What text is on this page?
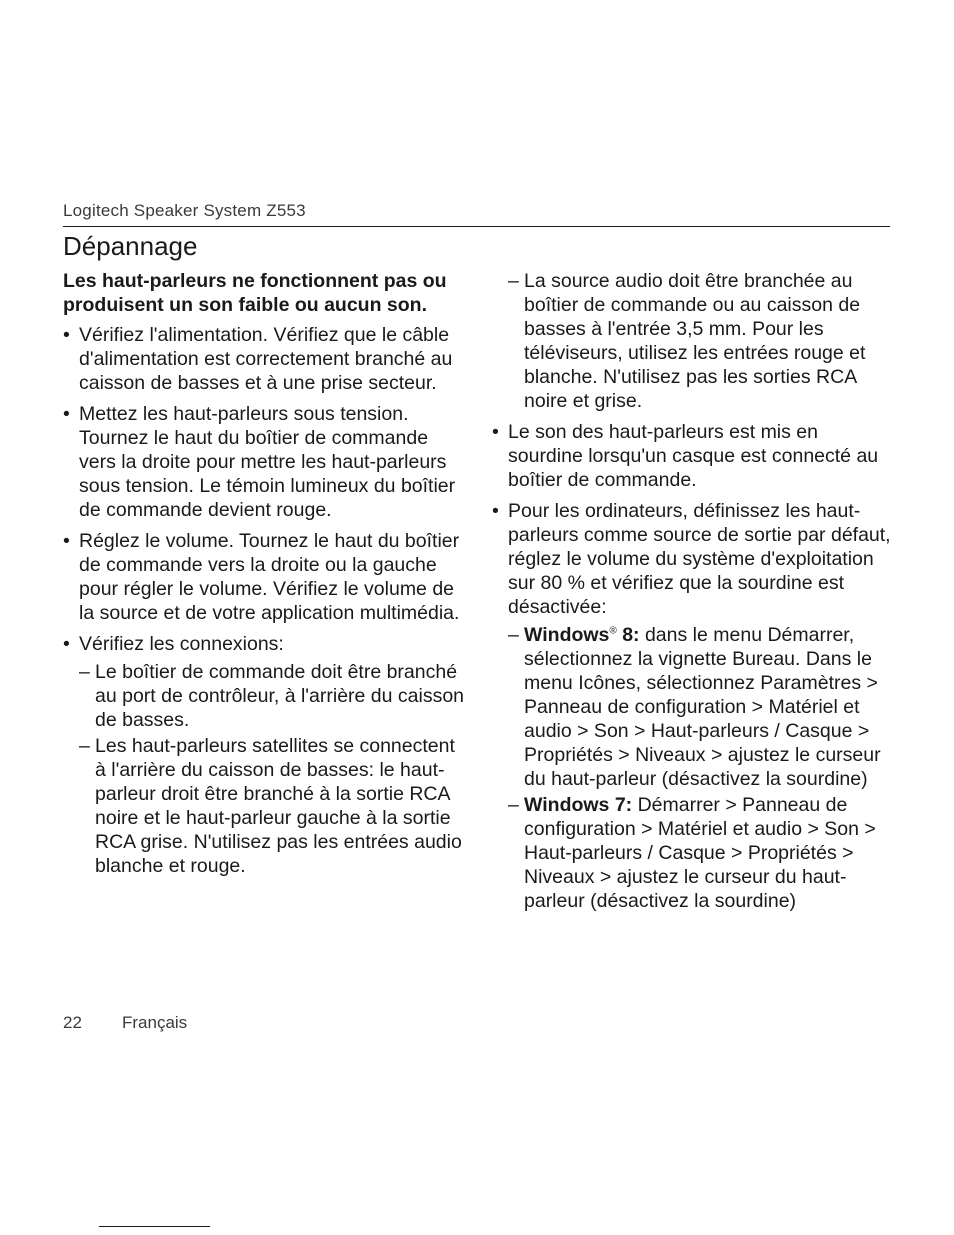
Logitech Speaker System Z553
Dépannage
Les haut-parleurs ne fonctionnent pas ou produisent un son faible ou aucun son.
• Vérifiez l'alimentation. Vérifiez que le câble d'alimentation est correctement branché au caisson de basses et à une prise secteur.
• Mettez les haut-parleurs sous tension. Tournez le haut du boîtier de commande vers la droite pour mettre les haut-parleurs sous tension. Le témoin lumineux du boîtier de commande devient rouge.
• Réglez le volume. Tournez le haut du boîtier de commande vers la droite ou la gauche pour régler le volume. Vérifiez le volume de la source et de votre application multimédia.
• Vérifiez les connexions:
– Le boîtier de commande doit être branché au port de contrôleur, à l'arrière du caisson de basses.
– Les haut-parleurs satellites se connectent à l'arrière du caisson de basses: le haut-parleur droit être branché à la sortie RCA noire et le haut-parleur gauche à la sortie RCA grise. N'utilisez pas les entrées audio blanche et rouge.
– La source audio doit être branchée au boîtier de commande ou au caisson de basses à l'entrée 3,5 mm. Pour les téléviseurs, utilisez les entrées rouge et blanche. N'utilisez pas les sorties RCA noire et grise.
• Le son des haut-parleurs est mis en sourdine lorsqu'un casque est connecté au boîtier de commande.
• Pour les ordinateurs, définissez les haut-parleurs comme source de sortie par défaut, réglez le volume du système d'exploitation sur 80 % et vérifiez que la sourdine est désactivée:
– Windows® 8: dans le menu Démarrer, sélectionnez la vignette Bureau. Dans le menu Icônes, sélectionnez Paramètres > Panneau de configuration > Matériel et audio > Son > Haut-parleurs / Casque > Propriétés > Niveaux > ajustez le curseur du haut-parleur (désactivez la sourdine)
– Windows 7: Démarrer > Panneau de configuration > Matériel et audio > Son > Haut-parleurs / Casque > Propriétés > Niveaux > ajustez le curseur du haut-parleur (désactivez la sourdine)
22 Français
